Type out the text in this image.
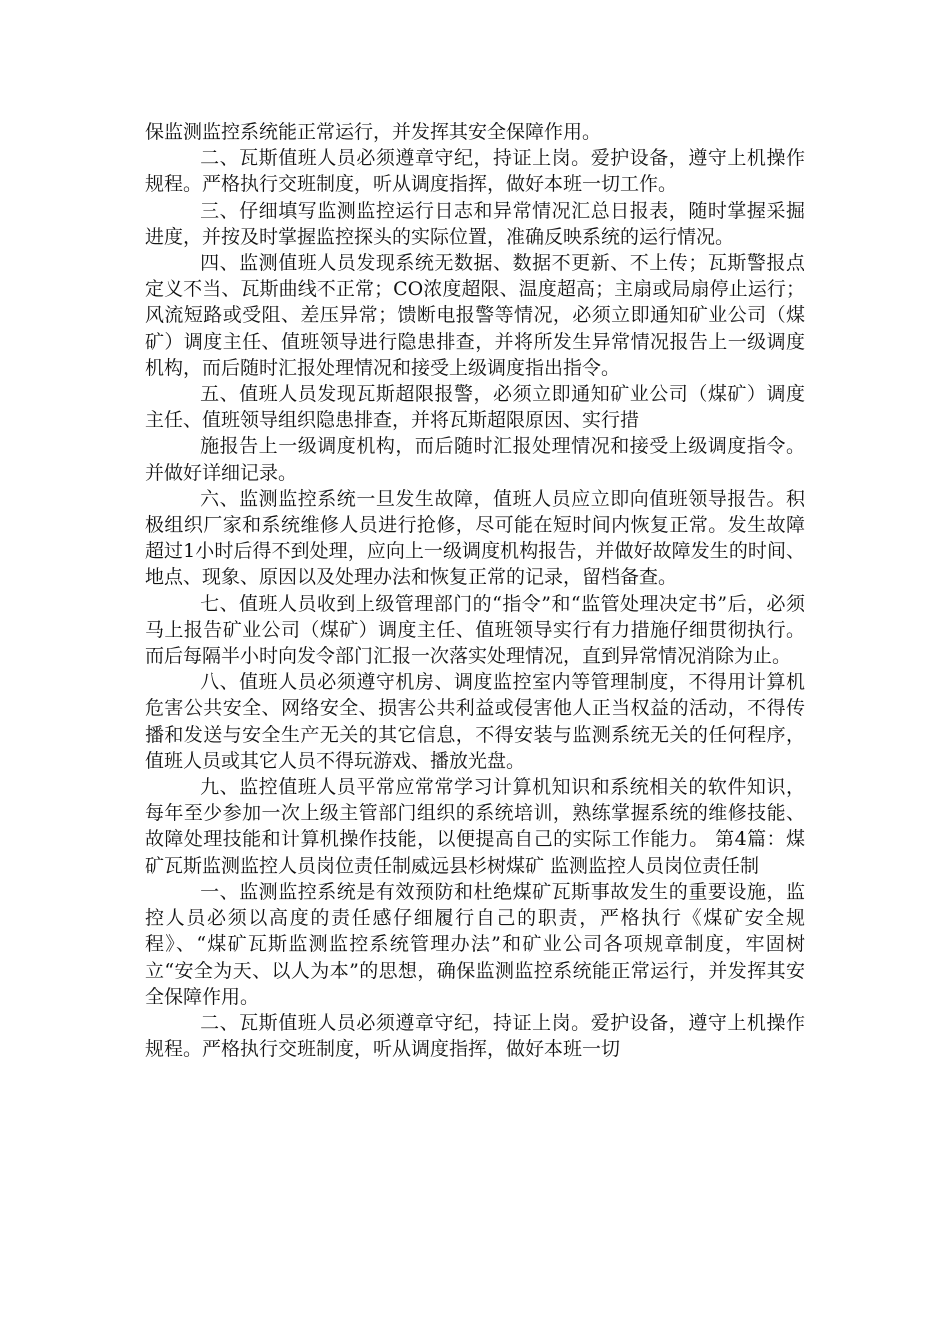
保监测监控系统能正常运行，并发挥其安全保障作用。

二、瓦斯值班人员必须遵章守纪，持证上岗。爱护设备，遵守上机操作规程。严格执行交班制度，听从调度指挥，做好本班一切工作。

三、仔细填写监测监控运行日志和异常情况汇总日报表，随时掌握采掘进度，并按及时掌握监控探头的实际位置，准确反映系统的运行情况。

四、监测值班人员发现系统无数据、数据不更新、不上传；瓦斯警报点定义不当、瓦斯曲线不正常；CO浓度超限、温度超高；主扇或局扇停止运行；风流短路或受阻、差压异常；馈断电报警等情况，必须立即通知矿业公司（煤矿）调度主任、值班领导进行隐患排查，并将所发生异常情况报告上一级调度机构，而后随时汇报处理情况和接受上级调度指出指令。

五、值班人员发现瓦斯超限报警，必须立即通知矿业公司（煤矿）调度主任、值班领导组织隐患排查，并将瓦斯超限原因、实行措

施报告上一级调度机构，而后随时汇报处理情况和接受上级调度指令。并做好详细记录。

六、监测监控系统一旦发生故障，值班人员应立即向值班领导报告。积极组织厂家和系统维修人员进行抢修，尽可能在短时间内恢复正常。发生故障超过1小时后得不到处理，应向上一级调度机构报告，并做好故障发生的时间、地点、现象、原因以及处理办法和恢复正常的记录，留档备查。

七、值班人员收到上级管理部门的“指令”和“监管处理决定书”后，必须马上报告矿业公司（煤矿）调度主任、值班领导实行有力措施仔细贯彻执行。而后每隔半小时向发令部门汇报一次落实处理情况，直到异常情况消除为止。

八、值班人员必须遵守机房、调度监控室内等管理制度，不得用计算机危害公共安全、网络安全、损害公共利益或侵害他人正当权益的活动，不得传播和发送与安全生产无关的其它信息，不得安装与监测系统无关的任何程序，值班人员或其它人员不得玩游戏、播放光盘。

九、监控值班人员平常应常常学习计算机知识和系统相关的软件知识，每年至少参加一次上级主管部门组织的系统培训，熟练掌握系统的维修技能、故障处理技能和计算机操作技能，以便提高自己的实际工作能力。 第4篇：煤矿瓦斯监测监控人员岗位责任制威远县杉树煤矿 监测监控人员岗位责任制

一、监测监控系统是有效预防和杜绝煤矿瓦斯事故发生的重要设施，监控人员必须以高度的责任感仔细履行自己的职责，严格执行《煤矿安全规程》、“煤矿瓦斯监测监控系统管理办法”和矿业公司各项规章制度，牢固树立“安全为天、以人为本”的思想，确保监测监控系统能正常运行，并发挥其安全保障作用。

二、瓦斯值班人员必须遵章守纪，持证上岗。爱护设备，遵守上机操作规程。严格执行交班制度，听从调度指挥，做好本班一切
